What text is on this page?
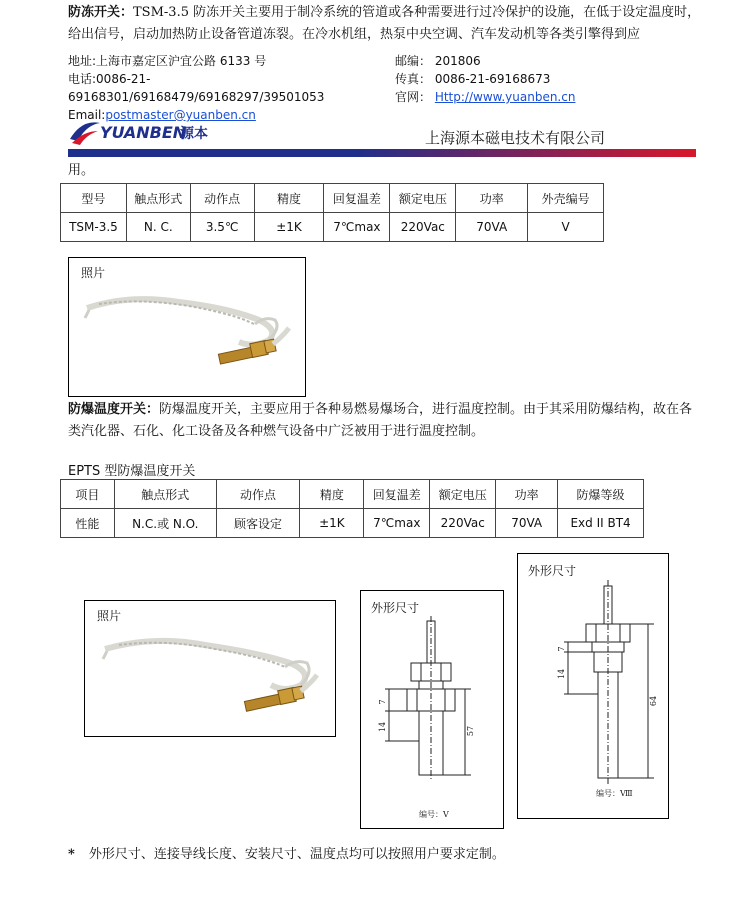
防冻开关：TSM-3.5 防冻开关主要用于制冷系统的管道或各种需要进行过冷保护的设施，在低于设定温度时，给出信号，启动加热防止设备管道冻裂。在冷水机组，热泵中央空调、汽车发动机等各类引擎得到应
地址:上海市嘉定区沪宜公路 6133 号
电话:0086-21-69168301/69168479/69168297/39501053
Email:postmaster@yuanben.cn
邮编： 201806
传真： 0086-21-69168673
官网： Http://www.yuanben.cn
YUANBEN
源本	上海源本磁电技术有限公司
用。
型号	触点形式	动作点	精度	回复温差	额定电压	功率	外壳编号
TSM-3.5	N. C.	3.5℃	±1K	7℃max	220Vac	70VA	V
照片
防爆温度开关：防爆温度开关，主要应用于各种易燃易爆场合，进行温度控制。由于其采用防爆结构，故在各类汽化器、石化、化工设备及各种燃气设备中广泛被用于进行温度控制。
EPTS 型防爆温度开关
项目	触点形式	动作点	精度	回复温差	额定电压	功率	防爆等级
性能	N.C.或 N.O.	顾客设定	±1K	7℃max	220Vac	70VA	Exd II BT4
照片
外形尺寸
7
14	57
编号：V
外形尺寸
7
14
64
编号：Ⅷ
* 外形尺寸、连接导线长度、安装尺寸、温度点均可以按照用户要求定制。
